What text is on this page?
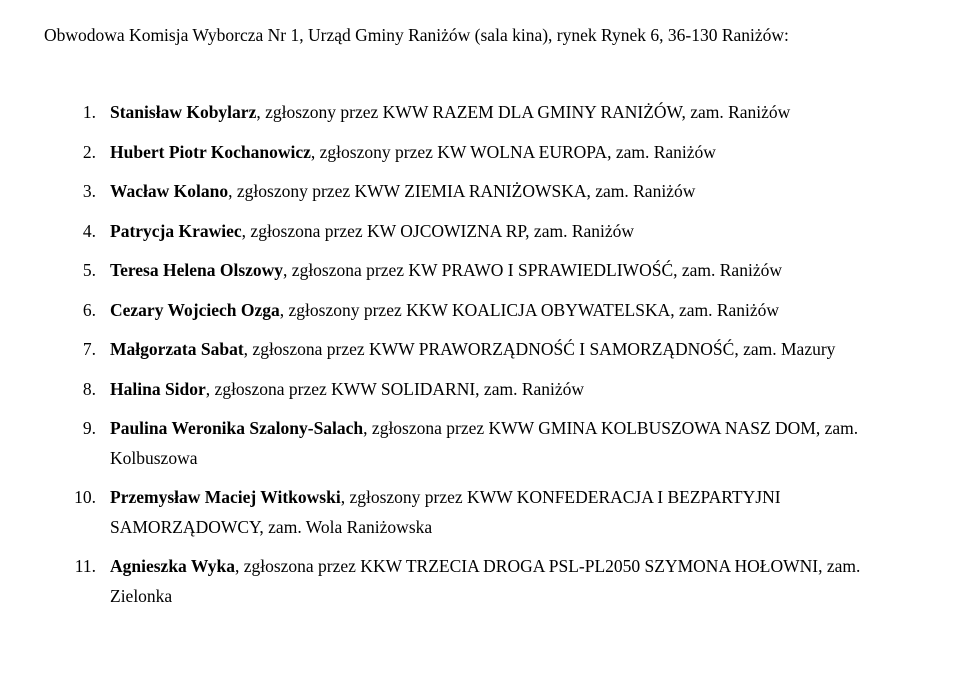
Obwodowa Komisja Wyborcza Nr 1, Urząd Gminy Raniżów (sala kina), rynek Rynek 6, 36-130 Raniżów:
1. Stanisław Kobylarz, zgłoszony przez KWW RAZEM DLA GMINY RANIŻÓW, zam. Raniżów
2. Hubert Piotr Kochanowicz, zgłoszony przez KW WOLNA EUROPA, zam. Raniżów
3. Wacław Kolano, zgłoszony przez KWW ZIEMIA RANIŻOWSKA, zam. Raniżów
4. Patrycja Krawiec, zgłoszona przez KW OJCOWIZNA RP, zam. Raniżów
5. Teresa Helena Olszowy, zgłoszona przez KW PRAWO I SPRAWIEDLIWOŚĆ, zam. Raniżów
6. Cezary Wojciech Ozga, zgłoszony przez KKW KOALICJA OBYWATELSKA, zam. Raniżów
7. Małgorzata Sabat, zgłoszona przez KWW PRAWORZĄDNOŚĆ I SAMORZĄDNOŚĆ, zam. Mazury
8. Halina Sidor, zgłoszona przez KWW SOLIDARNI, zam. Raniżów
9. Paulina Weronika Szalony-Salach, zgłoszona przez KWW GMINA KOLBUSZOWA NASZ DOM, zam. Kolbuszowa
10. Przemysław Maciej Witkowski, zgłoszony przez KWW KONFEDERACJA I BEZPARTYJNI SAMORZĄDOWCY, zam. Wola Raniżowska
11. Agnieszka Wyka, zgłoszona przez KKW TRZECIA DROGA PSL-PL2050 SZYMONA HOŁOWNI, zam. Zielonka
